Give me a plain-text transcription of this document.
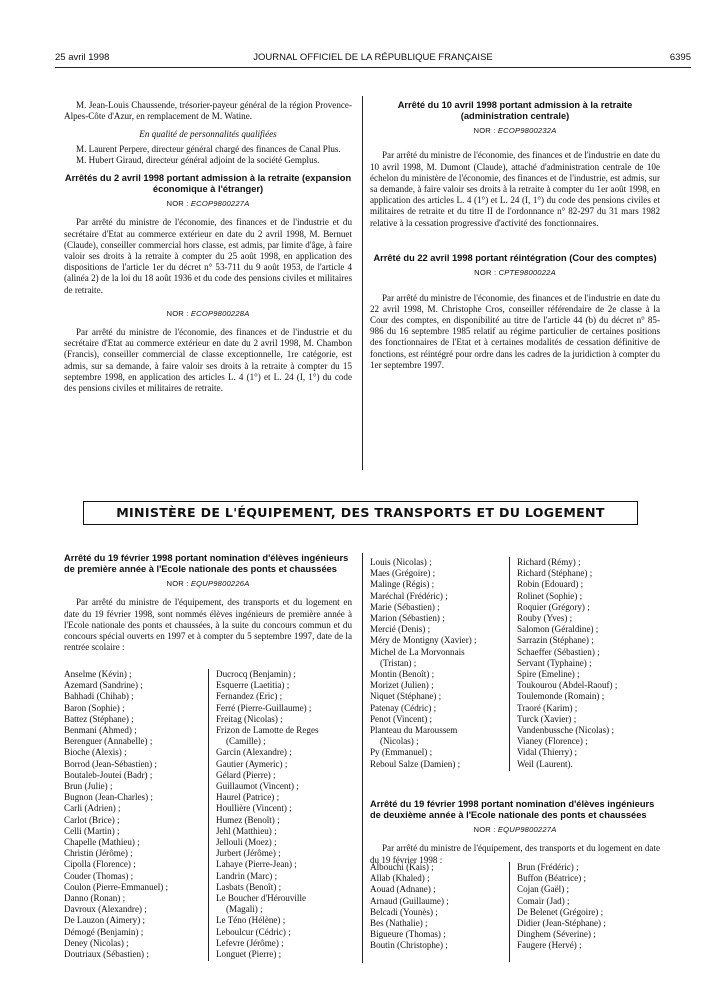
25 avril 1998	JOURNAL OFFICIEL DE LA RÉPUBLIQUE FRANÇAISE	6395

M. Jean-Louis Chaussende, trésorier-payeur général de la région Provence-Alpes-Côte d'Azur, en remplacement de M. Watine.

En qualité de personnalités qualifiées

M. Laurent Perpere, directeur général chargé des finances de Canal Plus.

M. Hubert Giraud, directeur général adjoint de la société Gemplus.

Arrêtés du 2 avril 1998 portant admission à la retraite (expansion économique à l'étranger)

NOR : ECOP9800227A

Par arrêté du ministre de l'économie, des finances et de l'industrie et du secrétaire d'Etat au commerce extérieur en date du 2 avril 1998, M. Bernuet (Claude), conseiller commercial hors classe, est admis, par limite d'âge, à faire valoir ses droits à la retraite à compter du 25 août 1998, en application des dispositions de l'article 1er du décret n° 53-711 du 9 août 1953, de l'article 4 (alinéa 2) de la loi du 18 août 1936 et du code des pensions civiles et militaires de retraite.

NOR : ECOP9800228A

Par arrêté du ministre de l'économie, des finances et de l'industrie et du secrétaire d'Etat au commerce extérieur en date du 2 avril 1998, M. Chambon (Francis), conseiller commercial de classe exceptionnelle, 1re catégorie, est admis, sur sa demande, à faire valoir ses droits à la retraite à compter du 15 septembre 1998, en application des articles L. 4 (1°) et L. 24 (I, 1°) du code des pensions civiles et militaires de retraite.

Arrêté du 10 avril 1998 portant admission à la retraite (administration centrale)

NOR : ECOP9800232A

Par arrêté du ministre de l'économie, des finances et de l'industrie en date du 10 avril 1998, M. Dumont (Claude), attaché d'administration centrale de 10e échelon du ministère de l'économie, des finances et de l'industrie, est admis, sur sa demande, à faire valoir ses droits à la retraite à compter du 1er août 1998, en application des articles L. 4 (1°) et L. 24 (I, 1°) du code des pensions civiles et militaires de retraite et du titre II de l'ordonnance n° 82-297 du 31 mars 1982 relative à la cessation progressive d'activité des fonctionnaires.

Arrêté du 22 avril 1998 portant réintégration (Cour des comptes)

NOR : CPTE9800022A

Par arrêté du ministre de l'économie, des finances et de l'industrie en date du 22 avril 1998, M. Christophe Cros, conseiller référendaire de 2e classe à la Cour des comptes, en disponibilité au titre de l'article 44 (b) du décret n° 85-986 du 16 septembre 1985 relatif au régime particulier de certaines positions des fonctionnaires de l'Etat et à certaines modalités de cessation définitive de fonctions, est réintégré pour ordre dans les cadres de la juridiction à compter du 1er septembre 1997.

MINISTÈRE DE L'ÉQUIPEMENT, DES TRANSPORTS ET DU LOGEMENT
Arrêté du 19 février 1998 portant nomination d'élèves ingénieurs de première année à l'Ecole nationale des ponts et chaussées

NOR : EQUP9800226A

Par arrêté du ministre de l'équipement, des transports et du logement en date du 19 février 1998, sont nommés élèves ingénieurs de première année à l'Ecole nationale des ponts et chaussées, à la suite du concours commun et du concours spécial ouverts en 1997 et à compter du 5 septembre 1997, date de la rentrée scolaire :

Anselme (Kévin) ;
Azemard (Sandrine) ;
Bahhadi (Chihab) ;
Baron (Sophie) ;
Battez (Stéphane) ;
Benmani (Ahmed) ;
Berenguer (Annabelle) ;
Bioche (Alexis) ;
Borrod (Jean-Sébastien) ;
Boutaleb-Joutei (Badr) ;
Brun (Julie) ;
Bugnon (Jean-Charles) ;
Carli (Adrien) ;
Carlot (Brice) ;
Celli (Martin) ;
Chapelle (Mathieu) ;
Christin (Jérôme) ;
Cipolla (Florence) ;
Couder (Thomas) ;
Coulon (Pierre-Emmanuel) ;
Danno (Ronan) ;
Davroux (Alexandre) ;
De Lauzon (Aimery) ;
Démogé (Benjamin) ;
Deney (Nicolas) ;
Doutriaux (Sébastien) ;
Ducrocq (Benjamin) ;
Esquerre (Laetitia) ;
Fernandez (Eric) ;
Ferré (Pierre-Guillaume) ;
Freitag (Nicolas) ;
Frizon de Lamotte de Reges
(Camille) ;
Garcin (Alexandre) ;
Gautier (Aymeric) ;
Gélard (Pierre) ;
Guillaumot (Vincent) ;
Haurel (Patrice) ;
Houllière (Vincent) ;
Humez (Benoît) ;
Jehl (Matthieu) ;
Jellouli (Moez) ;
Jurbert (Jérôme) ;
Lahaye (Pierre-Jean) ;
Landrin (Marc) ;
Lasbats (Benoît) ;
Le Boucher d'Hérouville
(Magali) ;
Le Téno (Hélène) ;
Leboulcur (Cédric) ;
Lefevre (Jérôme) ;
Longuet (Pierre) ;
Louis (Nicolas) ;
Maes (Grégoire) ;
Malinge (Régis) ;
Maréchal (Frédéric) ;
Marie (Sébastien) ;
Marion (Sébastien) ;
Mercié (Denis) ;
Méry de Montigny (Xavier) ;
Michel de La Morvonnais
(Tristan) ;
Montin (Benoît) ;
Morizet (Julien) ;
Niquet (Stéphane) ;
Patenay (Cédric) ;
Penot (Vincent) ;
Planteau du Maroussem
(Nicolas) ;
Py (Emmanuel) ;
Reboul Salze (Damien) ;
Richard (Rémy) ;
Richard (Stéphane) ;
Robin (Edouard) ;
Rolinet (Sophie) ;
Roquier (Grégory) ;
Rouby (Yves) ;
Salomon (Géraldine) ;
Sarrazin (Stéphane) ;
Schaeffer (Sébastien) ;
Servant (Typhaine) ;
Spire (Emeline) ;
Toukourou (Abdel-Raouf) ;
Toulemonde (Romain) ;
Traoré (Karim) ;
Turck (Xavier) ;
Vandenbussche (Nicolas) ;
Vianey (Florence) ;
Vidal (Thierry) ;
Weil (Laurent).
Arrêté du 19 février 1998 portant nomination d'élèves ingénieurs de deuxième année à l'Ecole nationale des ponts et chaussées

NOR : EQUP9800227A

Par arrêté du ministre de l'équipement, des transports et du logement en date du 19 février 1998 :

Albouchi (Kais) ;
Allab (Khaled) ;
Aouad (Adnane) ;
Arnaud (Guillaume) ;
Belcadi (Younès) ;
Bes (Nathalie) ;
Bigueure (Thomas) ;
Boutin (Christophe) ;
Brun (Frédéric) ;
Buffon (Béatrice) ;
Cojan (Gaël) ;
Comair (Jad) ;
De Belenet (Grégoire) ;
Didier (Jean-Stéphane) ;
Dinghem (Séverine) ;
Faugere (Hervé) ;
